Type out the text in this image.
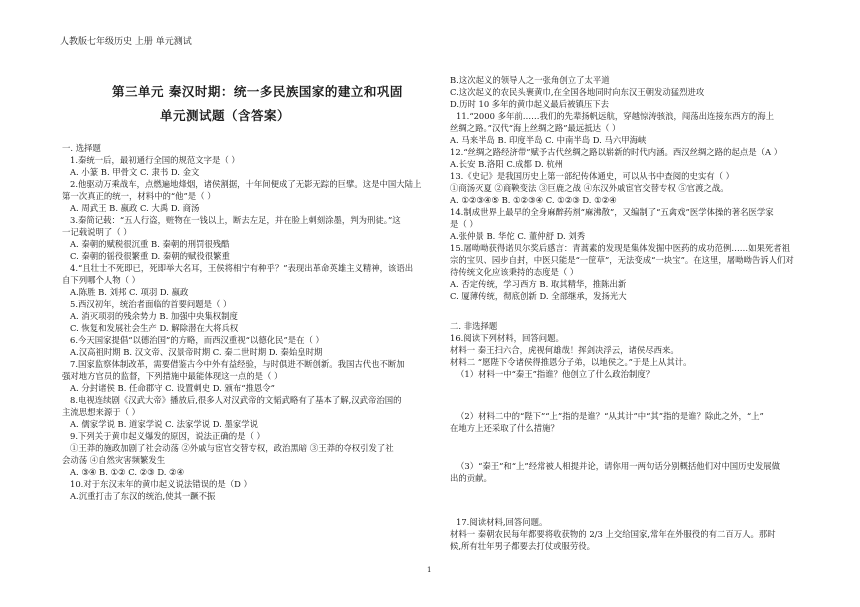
人教版七年级历史 上册 单元测试
第三单元 秦汉时期：统一多民族国家的建立和巩固
单元测试题（含答案）
一. 选择题
1.秦统一后，最初通行全国的规范文字是（ ）
A. 小篆 B. 甲骨文 C. 隶书 D. 金文
2.他驱动万乘战车，点燃遍地烽烟，诸侯割据，十年间便成了无影无踪的巨擘。这是中国大陆上
第一次真正的统一，材料中的“他”是（ ）
A. 周武王 B. 嬴政 C. 大禹 D. 商汤
3.秦简记载：“五人行盗，赃物在一钱以上，断去左足，并在脸上刺刻涂墨，判为刑徒。”这
一记载说明了（ ）
A. 秦朝的赋税很沉重 B. 秦朝的刑罚很残酷
C. 秦朝的徭役很繁重 D. 秦朝的赋役很繁重
4.“且壮士不死即已，死即举大名耳，王侯将相宁有种乎？”表现出革命英雄主义精神，该语出
自下列哪个人物（ ）
A.陈胜 B. 刘邦 C. 项羽 D. 嬴政
5.西汉初年，统治者面临的首要问题是（ ）
A. 消灭项羽的残余势力 B. 加强中央集权制度
C. 恢复和发展社会生产 D. 解除潜在大将兵权
6.今天国家提倡“以德治国”的方略，而西汉重视“以德化民”是在（ ）
A.汉高祖时期 B. 汉文帝、汉景帝时期 C. 秦二世时期 D. 秦始皇时期
7.国家监察体制改革，需要借鉴古今中外有益经验，与时俱进不断创新。我国古代也不断加
强对地方官员的监督，下列措施中最能体现这一点的是（ ）
A. 分封诸侯 B. 任命郡守 C. 设置刺史 D. 颁布“推恩令”
8.电视连续剧《汉武大帝》播放后,很多人对汉武帝的文韬武略有了基本了解,汉武帝治国的
主流思想来源于（ ）
A. 儒家学说 B. 道家学说 C. 法家学说 D. 墨家学说
9.下列关于黄巾起义爆发的原因，说法正确的是（ ）
①王莽的施政加剧了社会动荡 ②外戚与宦官交替专权，政治黑暗 ③王莽的夺权引发了社
会动荡 ④自然灾害频繁发生
A. ③④ B. ①② C. ②③ D. ②④
10.对于东汉末年的黄巾起义说法错误的是（D ）
A.沉重打击了东汉的统治,使其一蹶不振
B.这次起义的领导人之一张角创立了太平道
C.这次起义的农民头裹黄巾,在全国各地同时向东汉王朝发动猛烈进攻
D.历时 10 多年的黄巾起义最后被镇压下去
11.“2000 多年前……我们的先辈扬帆远航，穿越惊涛骇浪，闯荡出连接东西方的海上
丝绸之路。”汉代“海上丝绸之路”最远抵达（ ）
A. 马来半岛 B. 印度半岛 C. 中南半岛 D. 马六甲海峡
12.“丝绸之路经济带”赋予古代丝绸之路以崭新的时代内涵。西汉丝绸之路的起点是（A ）
A.长安 B.洛阳 C.成都 D. 杭州
13.《史记》是我国历史上第一部纪传体通史，可以从书中查阅的史实有（ ）
①商汤灭夏 ②商鞅变法 ③巨鹿之战 ④东汉外戚宦官交替专权 ⑤官渡之战。
A. ①②③④⑤ B. ①②③④ C. ①②③ D. ①②④
14.制成世界上最早的全身麻醉药剂“麻沸散”，又编制了“五禽戏”医学体操的著名医学家
是（ ）
A.张仲景 B. 华佗 C. 董仲舒 D. 刘秀
15.屠呦呦获得诺贝尔奖后感言：青蒿素的发现是集体发掘中医药的成功范例……如果死者祖
宗的宝贝、园步自封，中医只能是“一筐草”，无法变成“一块宝”。在这里，屠呦呦告诉人们对
待传统文化应该秉持的态度是（ ）
A. 否定传统，学习西方 B. 取其精华，推陈出新
C. 厦薄传统，彻底创新 D. 全部继承，发扬光大
二. 非选择题
16.阅读下列材料，回答问题。
材料一 秦王扫六合，虎视何雄哉！挥剑决浮云，诸侯尽西来。
材料二 “愿陛下令诸侯得推恩分子弟，以地侯之。”于是上从其计。
（1）材料一中“秦王”指谁？他创立了什么政治制度？
（2）材料二中的“陛下”“上”指的是谁？“从其计”中“其”指的是谁？除此之外，“上”
在地方上还采取了什么措施？
（3）“秦王”和“上”经常被人相提并论，请你用一两句话分别概括他们对中国历史发展做
出的贡献。
17.阅读材料,回答问题。
材料一 秦朝农民每年都要将收获物的 2/3 上交给国家,常年在外服役的有二百万人。那时
候,所有壮年男子都要去打仗或服劳役。
1
